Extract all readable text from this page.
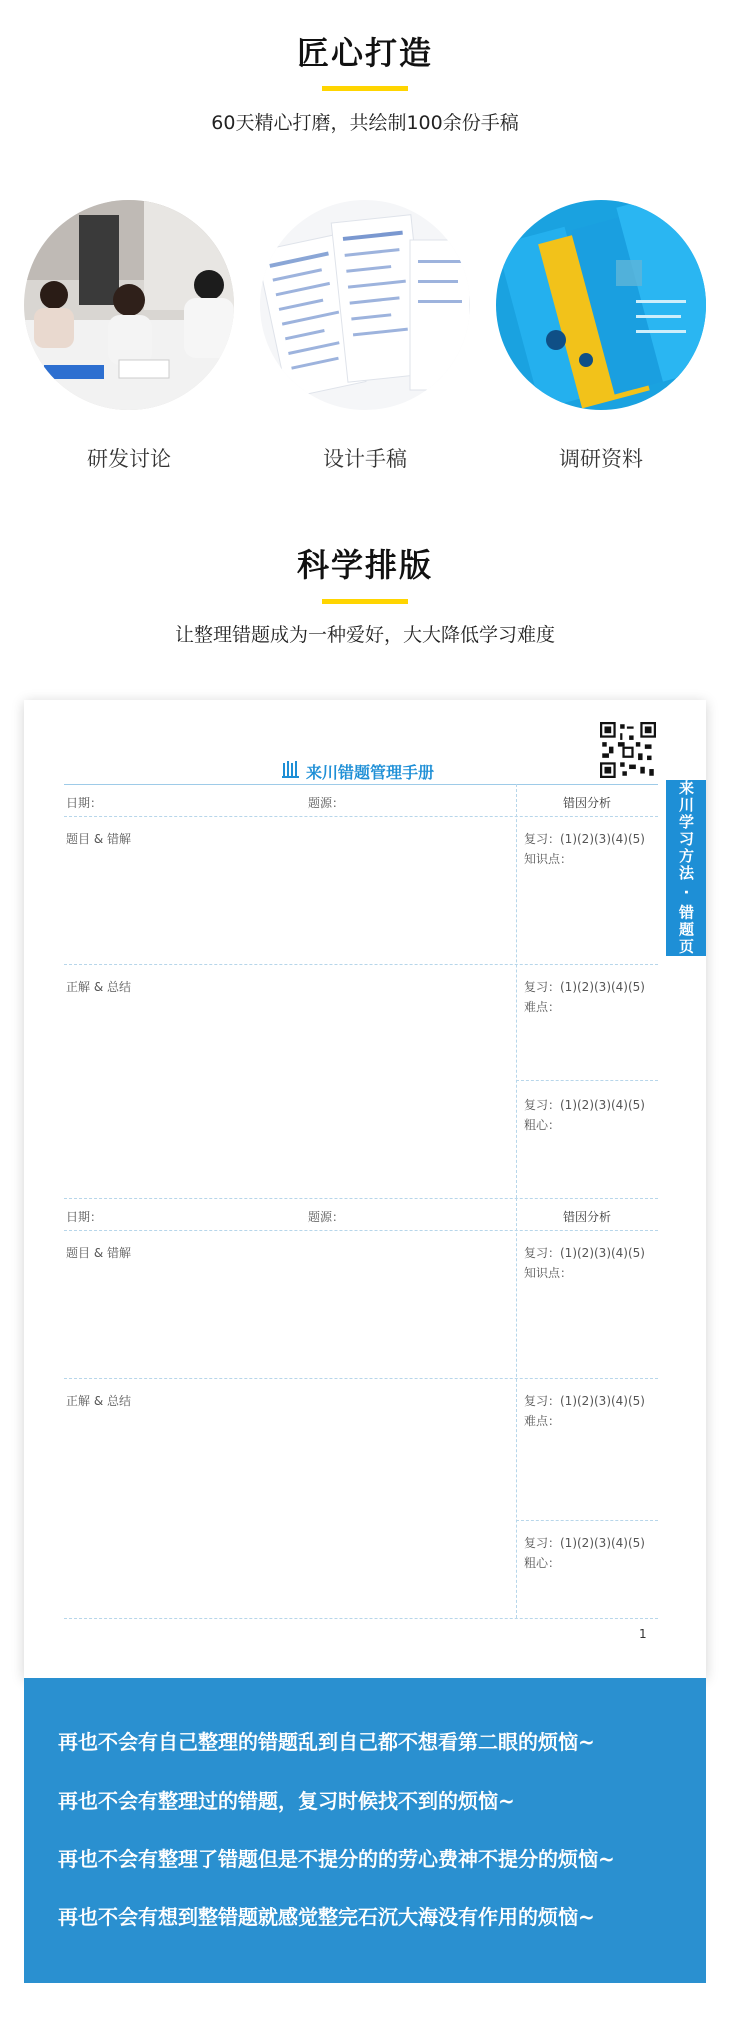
匠心打造
60天精心打磨，共绘制100余份手稿
研发讨论	设计手稿	调研资料
科学排版
让整理错题成为一种爱好，大大降低学习难度
来川错题管理手册
来川学习方法 · 错题页
日期：	题源：	错因分析
题目 & 错解	复习：(1)(2)(3)(4)(5)
知识点：
正解 & 总结	复习：(1)(2)(3)(4)(5)
难点：
复习：(1)(2)(3)(4)(5)
粗心：
日期：	题源：	错因分析
题目 & 错解	复习：(1)(2)(3)(4)(5)
知识点：
正解 & 总结	复习：(1)(2)(3)(4)(5)
难点：
复习：(1)(2)(3)(4)(5)
粗心：
1
再也不会有自己整理的错题乱到自己都不想看第二眼的烦恼~
再也不会有整理过的错题，复习时候找不到的烦恼~
再也不会有整理了错题但是不提分的的劳心费神不提分的烦恼~
再也不会有想到整错题就感觉整完石沉大海没有作用的烦恼~
